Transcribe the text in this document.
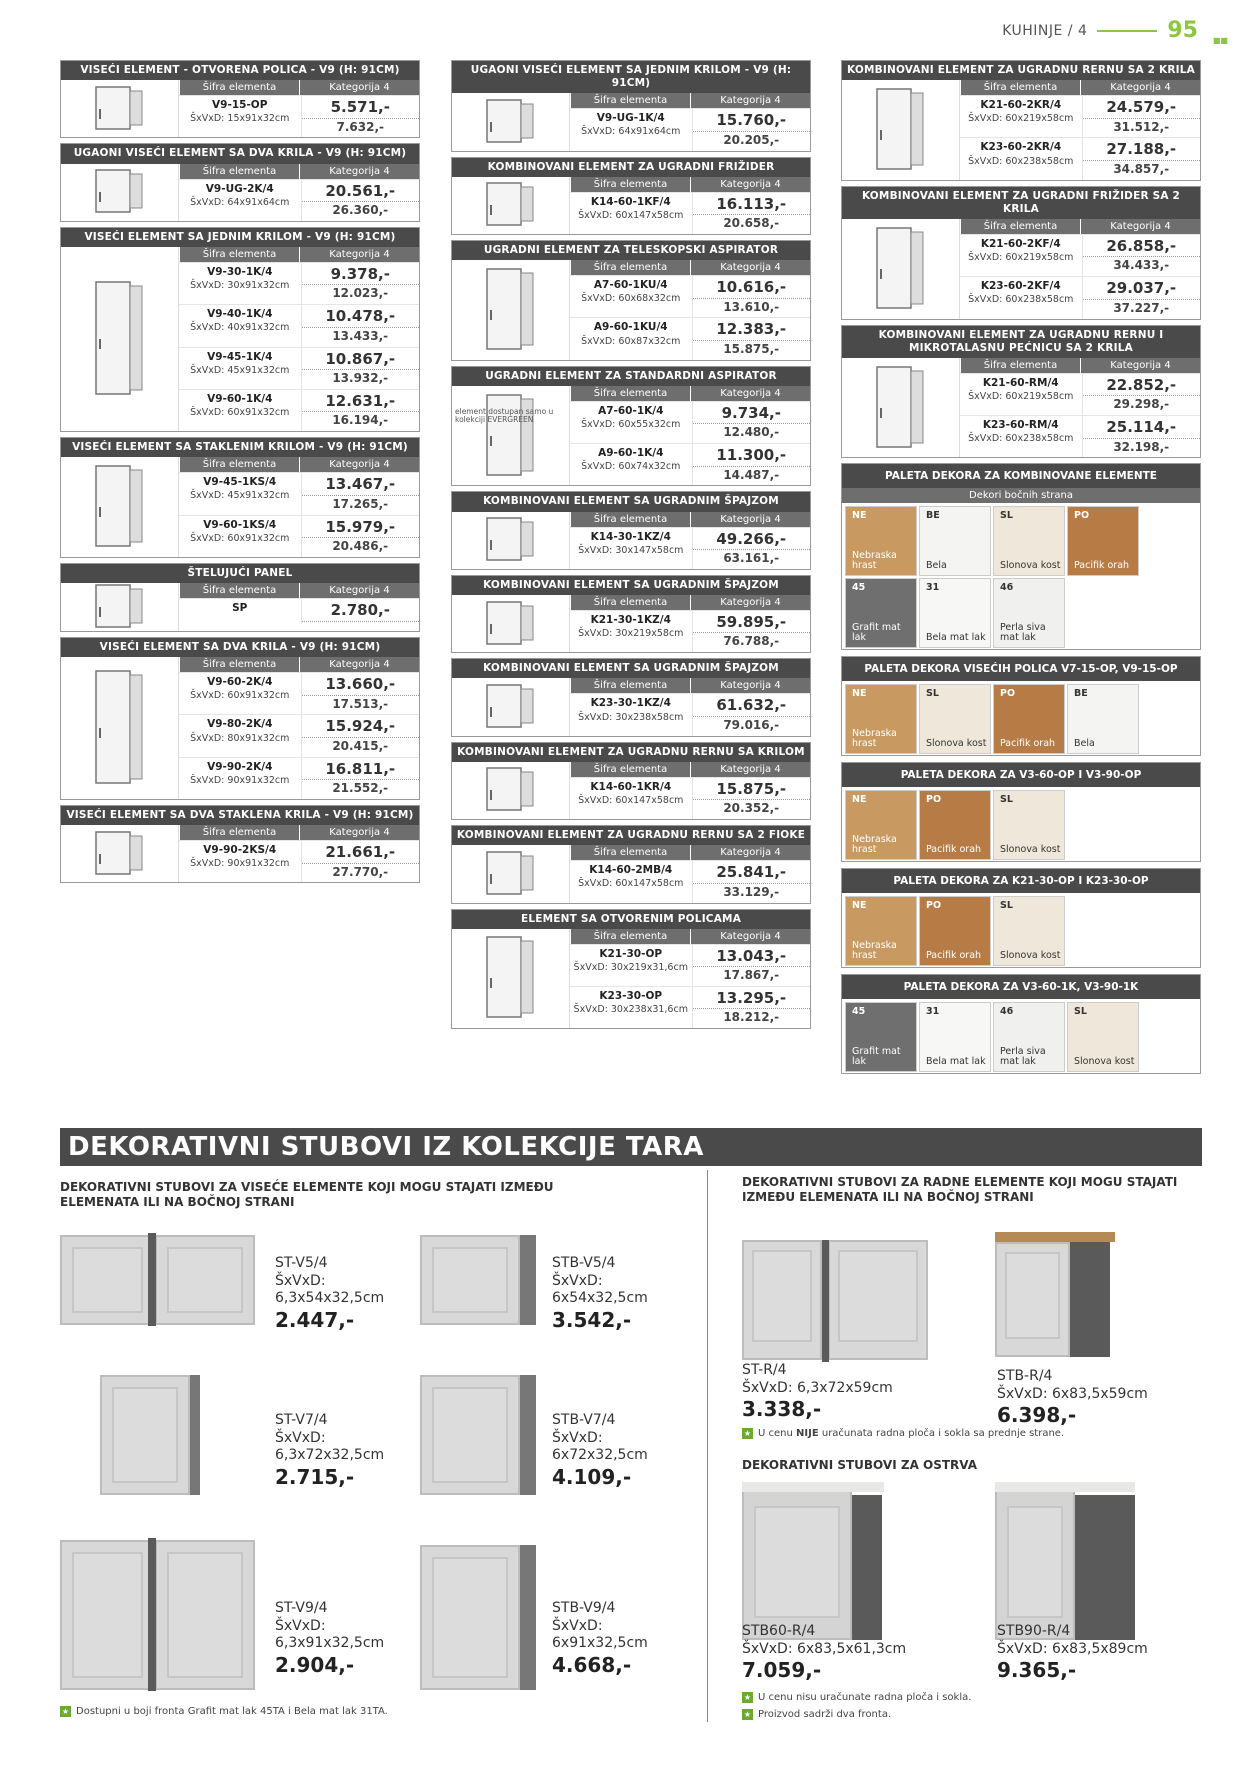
KUHINJE / 4	95 ■■
VISEĆI ELEMENT - OTVORENA POLICA - V9 (H: 91CM)
Šifra elementa	Kategorija 4
V9-15-OP
ŠxVxD: 15x91x32cm
5.571,-
7.632,-
UGAONI VISEĆI ELEMENT SA DVA KRILA - V9 (H: 91CM)
Šifra elementa	Kategorija 4
V9-UG-2K/4
ŠxVxD: 64x91x64cm
20.561,-
26.360,-
VISEĆI ELEMENT SA JEDNIM KRILOM - V9 (H: 91CM)
Šifra elementa	Kategorija 4
V9-30-1K/4
ŠxVxD: 30x91x32cm
9.378,-
12.023,-
V9-40-1K/4
ŠxVxD: 40x91x32cm
10.478,-
13.433,-
V9-45-1K/4
ŠxVxD: 45x91x32cm
10.867,-
13.932,-
V9-60-1K/4
ŠxVxD: 60x91x32cm
12.631,-
16.194,-
VISEĆI ELEMENT SA STAKLENIM KRILOM - V9 (H: 91CM)
Šifra elementa	Kategorija 4
V9-45-1KS/4
ŠxVxD: 45x91x32cm
13.467,-
17.265,-
V9-60-1KS/4
ŠxVxD: 60x91x32cm
15.979,-
20.486,-
ŠTELUJUĆI PANEL
Šifra elementa	Kategorija 4
SP	2.780,-
VISEĆI ELEMENT SA DVA KRILA - V9 (H: 91CM)
Šifra elementa	Kategorija 4
V9-60-2K/4
ŠxVxD: 60x91x32cm
13.660,-
17.513,-
V9-80-2K/4
ŠxVxD: 80x91x32cm
15.924,-
20.415,-
V9-90-2K/4
ŠxVxD: 90x91x32cm
16.811,-
21.552,-
VISEĆI ELEMENT SA DVA STAKLENA KRILA - V9 (H: 91CM)
Šifra elementa	Kategorija 4
V9-90-2KS/4
ŠxVxD: 90x91x32cm
21.661,-
27.770,-
UGAONI VISEĆI ELEMENT SA JEDNIM KRILOM - V9 (H: 91CM)
Šifra elementa	Kategorija 4
V9-UG-1K/4
ŠxVxD: 64x91x64cm
15.760,-
20.205,-
KOMBINOVANI ELEMENT ZA UGRADNI FRIŽIDER
Šifra elementa	Kategorija 4
K14-60-1KF/4
ŠxVxD: 60x147x58cm
16.113,-
20.658,-
UGRADNI ELEMENT ZA TELESKOPSKI ASPIRATOR
Šifra elementa	Kategorija 4
A7-60-1KU/4
ŠxVxD: 60x68x32cm
10.616,-
13.610,-
A9-60-1KU/4
ŠxVxD: 60x87x32cm
12.383,-
15.875,-
UGRADNI ELEMENT ZA STANDARDNI ASPIRATOR
element dostupan samo u kolekciji EVERGREEN
Šifra elementa	Kategorija 4
A7-60-1K/4
ŠxVxD: 60x55x32cm
9.734,-
12.480,-
A9-60-1K/4
ŠxVxD: 60x74x32cm
11.300,-
14.487,-
KOMBINOVANI ELEMENT SA UGRADNIM ŠPAJZOM
Šifra elementa	Kategorija 4
K14-30-1KZ/4
ŠxVxD: 30x147x58cm
49.266,-
63.161,-
KOMBINOVANI ELEMENT SA UGRADNIM ŠPAJZOM
Šifra elementa	Kategorija 4
K21-30-1KZ/4
ŠxVxD: 30x219x58cm
59.895,-
76.788,-
KOMBINOVANI ELEMENT SA UGRADNIM ŠPAJZOM
Šifra elementa	Kategorija 4
K23-30-1KZ/4
ŠxVxD: 30x238x58cm
61.632,-
79.016,-
KOMBINOVANI ELEMENT ZA UGRADNU RERNU SA KRILOM
Šifra elementa	Kategorija 4
K14-60-1KR/4
ŠxVxD: 60x147x58cm
15.875,-
20.352,-
KOMBINOVANI ELEMENT ZA UGRADNU RERNU SA 2 FIOKE
Šifra elementa	Kategorija 4
K14-60-2MB/4
ŠxVxD: 60x147x58cm
25.841,-
33.129,-
ELEMENT SA OTVORENIM POLICAMA
Šifra elementa	Kategorija 4
K21-30-OP
ŠxVxD: 30x219x31,6cm
13.043,-
17.867,-
K23-30-OP
ŠxVxD: 30x238x31,6cm
13.295,-
18.212,-
KOMBINOVANI ELEMENT ZA UGRADNU RERNU SA 2 KRILA
Šifra elementa	Kategorija 4
K21-60-2KR/4
ŠxVxD: 60x219x58cm
24.579,-
31.512,-
K23-60-2KR/4
ŠxVxD: 60x238x58cm
27.188,-
34.857,-
KOMBINOVANI ELEMENT ZA UGRADNI FRIŽIDER SA 2 KRILA
Šifra elementa	Kategorija 4
K21-60-2KF/4
ŠxVxD: 60x219x58cm
26.858,-
34.433,-
K23-60-2KF/4
ŠxVxD: 60x238x58cm
29.037,-
37.227,-
KOMBINOVANI ELEMENT ZA UGRADNU RERNU I MIKROTALASNU PEĆNICU SA 2 KRILA
Šifra elementa	Kategorija 4
K21-60-RM/4
ŠxVxD: 60x219x58cm
22.852,-
29.298,-
K23-60-RM/4
ŠxVxD: 60x238x58cm
25.114,-
32.198,-
PALETA DEKORA ZA KOMBINOVANE ELEMENTE
Dekori bočnih strana
NE
Nebraska hrast
BE
Bela
SL
Slonova kost
PO
Pacifik orah
45
Grafit mat lak
31
Bela mat lak
46
Perla siva mat lak
PALETA DEKORA VISEĆIH POLICA V7-15-OP, V9-15-OP
NE
Nebraska hrast
SL
Slonova kost
PO
Pacifik orah
BE
Bela
PALETA DEKORA ZA V3-60-OP I V3-90-OP
NE
Nebraska hrast
PO
Pacifik orah
SL
Slonova kost
PALETA DEKORA ZA K21-30-OP I K23-30-OP
NE
Nebraska hrast
PO
Pacifik orah
SL
Slonova kost
PALETA DEKORA ZA V3-60-1K, V3-90-1K
45
Grafit mat lak
31
Bela mat lak
46
Perla siva mat lak
SL
Slonova kost
DEKORATIVNI STUBOVI IZ KOLEKCIJE TARA
DEKORATIVNI STUBOVI ZA VISEĆE ELEMENTE KOJI MOGU STAJATI IZMEĐU ELEMENATA ILI NA BOČNOJ STRANI
DEKORATIVNI STUBOVI ZA RADNE ELEMENTE KOJI MOGU STAJATI IZMEĐU ELEMENATA ILI NA BOČNOJ STRANI
DEKORATIVNI STUBOVI ZA OSTRVA
ST-V5/4
ŠxVxD:
6,3x54x32,5cm
2.447,-
STB-V5/4
ŠxVxD:
6x54x32,5cm
3.542,-
ST-V7/4
ŠxVxD:
6,3x72x32,5cm
2.715,-
STB-V7/4
ŠxVxD:
6x72x32,5cm
4.109,-
ST-V9/4
ŠxVxD:
6,3x91x32,5cm
2.904,-
STB-V9/4
ŠxVxD:
6x91x32,5cm
4.668,-
ST-R/4
ŠxVxD: 6,3x72x59cm
3.338,-
STB-R/4
ŠxVxD: 6x83,5x59cm
6.398,-
STB60-R/4
ŠxVxD: 6x83,5x61,3cm
7.059,-
STB90-R/4
ŠxVxD: 6x83,5x89cm
9.365,-
★ U cenu NIJE uračunata radna ploča i sokla sa prednje strane.
★ Dostupni u boji fronta Grafit mat lak 45TA i Bela mat lak 31TA.
★ U cenu nisu uračunate radna ploča i sokla.
★ Proizvod sadrži dva fronta.
